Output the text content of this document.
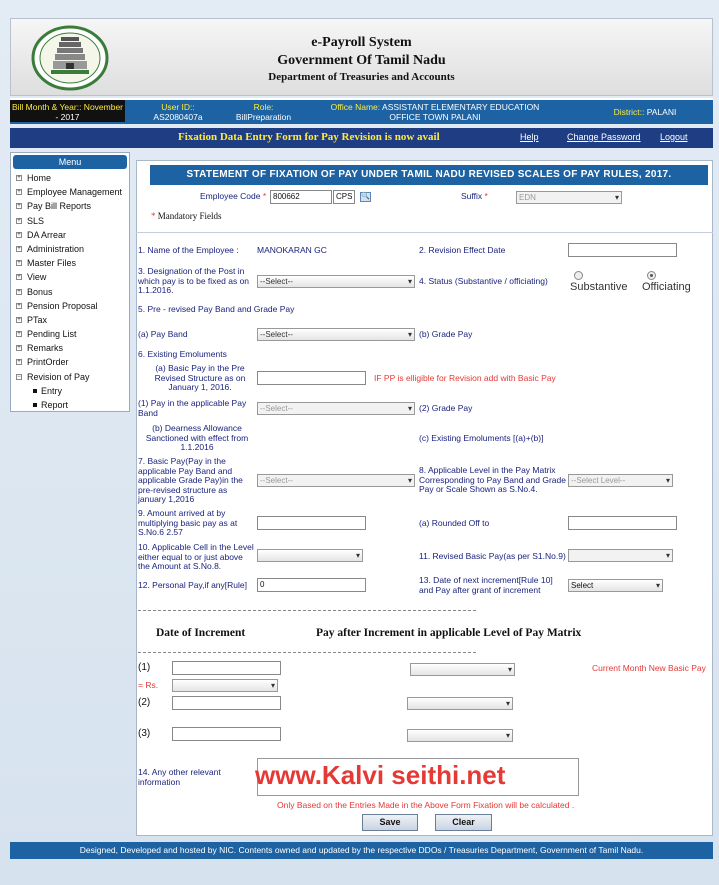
e-Payroll System
Government Of Tamil Nadu
Department of Treasuries and Accounts
Bill Month & Year:: November
- 2017
User ID::
AS2080407a
Role:
BillPreparation
Office Name: ASSISTANT ELEMENTARY EDUCATION
OFFICE TOWN PALANI	District:: PALANI
Fixation Data Entry Form for Pay Revision is now avail	Help	Change Password Logout
Menu
+ Home
+ Employee Management
+ Pay Bill Reports
+ SLS
+ DA Arrear
+ Administration
+ Master Files
+ View
+ Bonus
+ Pension Proposal
+ PTax
+ Pending List
+ Remarks
+ PrintOrder
− Revision of Pay
Entry
Report
STATEMENT OF FIXATION OF PAY UNDER TAMIL NADU REVISED SCALES OF PAY RULES, 2017.
Employee Code * 800662	CPS	🔍	Suffix *	EDN ▾
* Mandatory Fields
1. Name of the Employee : MANOKARAN GC	2. Revision Effect Date
3. Designation of the Post in which pay is to be fixed as on 1.1.2016.
--Select-- ▾	4. Status (Substantive / officiating) Substantive Officiating
5. Pre - revised Pay Band and Grade Pay
(a) Pay Band	--Select-- ▾	(b) Grade Pay
6. Existing Emoluments
(a) Basic Pay in the Pre Revised Structure as on January 1, 2016.
IF PP is elligible for Revision add with Basic Pay
(1) Pay in the applicable Pay Band	--Select-- ▾	(2) Grade Pay
(b) Dearness Allowance Sanctioned with effect from 1.1.2016
(c) Existing Emoluments [(a)+(b)]
7. Basic Pay(Pay in the applicable Pay Band and applicable Grade Pay)in the pre-revised structure as january 1,2016
--Select-- ▾
8. Applicable Level in the Pay Matrix Corresponding to Pay Band and Grade Pay or Scale Shown as S.No.4.
--Select Level-- ▾
9. Amount arrived at by multiplying basic pay as at S.No.6 2.57
(a) Rounded Off to
10. Applicable Cell in the Level either equal to or just above the Amount at S.No.8.
▾
11. Revised Basic Pay(as per S1.No.9)
▾
12. Personal Pay,if any[Rule]	0	13. Date of next increment[Rule 10] and Pay after grant of increment	Select ▾
Date of Increment	Pay after Increment in applicable Level of Pay Matrix
(1)
▾	Current Month New Basic Pay
= Rs.
▾
(2)
▾
(3)
▾
14. Any other relevant information	www.Kalvi seithi.net
Only Based on the Entries Made in the Above Form Fixation will be calculated .
Save	Clear
Designed, Developed and hosted by NIC. Contents owned and updated by the respective DDOs / Treasuries Department, Government of Tamil Nadu.
